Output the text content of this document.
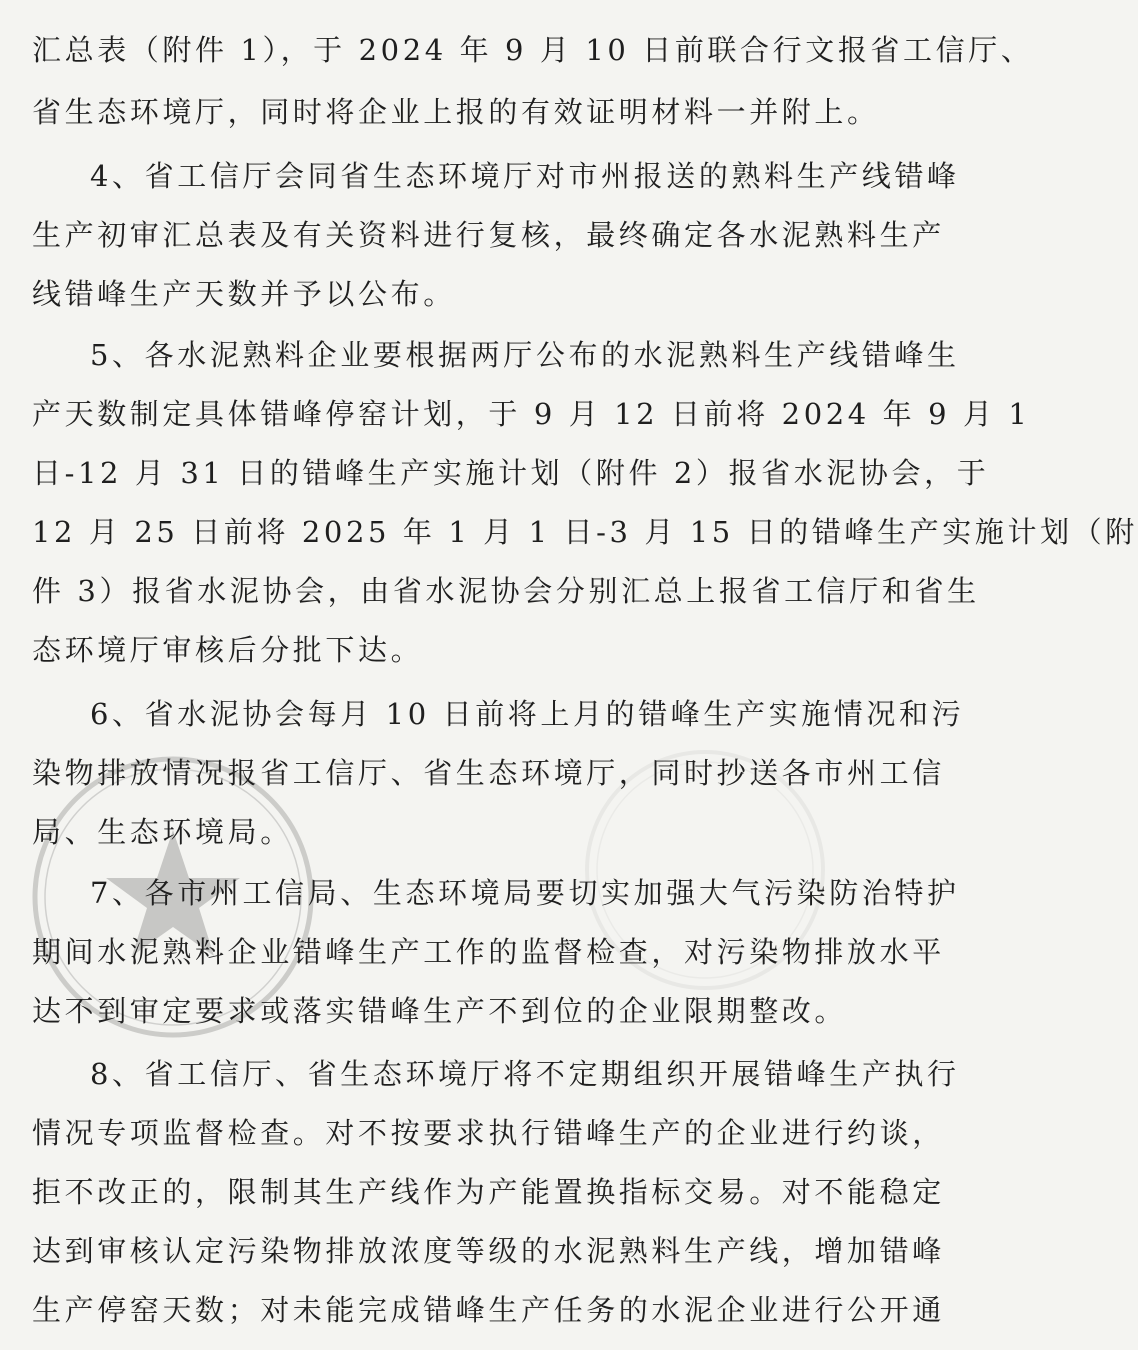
汇总表（附件 1），于 2024 年 9 月 10 日前联合行文报省工信厅、
省生态环境厅，同时将企业上报的有效证明材料一并附上。
4、省工信厅会同省生态环境厅对市州报送的熟料生产线错峰
生产初审汇总表及有关资料进行复核，最终确定各水泥熟料生产
线错峰生产天数并予以公布。
5、各水泥熟料企业要根据两厅公布的水泥熟料生产线错峰生
产天数制定具体错峰停窑计划，于 9 月 12 日前将 2024 年 9 月 1
日-12 月 31 日的错峰生产实施计划（附件 2）报省水泥协会，于
12 月 25 日前将 2025 年 1 月 1 日-3 月 15 日的错峰生产实施计划（附
件 3）报省水泥协会，由省水泥协会分别汇总上报省工信厅和省生
态环境厅审核后分批下达。
6、省水泥协会每月 10 日前将上月的错峰生产实施情况和污
染物排放情况报省工信厅、省生态环境厅，同时抄送各市州工信
局、生态环境局。
7、各市州工信局、生态环境局要切实加强大气污染防治特护
期间水泥熟料企业错峰生产工作的监督检查，对污染物排放水平
达不到审定要求或落实错峰生产不到位的企业限期整改。
8、省工信厅、省生态环境厅将不定期组织开展错峰生产执行
情况专项监督检查。对不按要求执行错峰生产的企业进行约谈，
拒不改正的，限制其生产线作为产能置换指标交易。对不能稳定
达到审核认定污染物排放浓度等级的水泥熟料生产线，增加错峰
生产停窑天数；对未能完成错峰生产任务的水泥企业进行公开通
